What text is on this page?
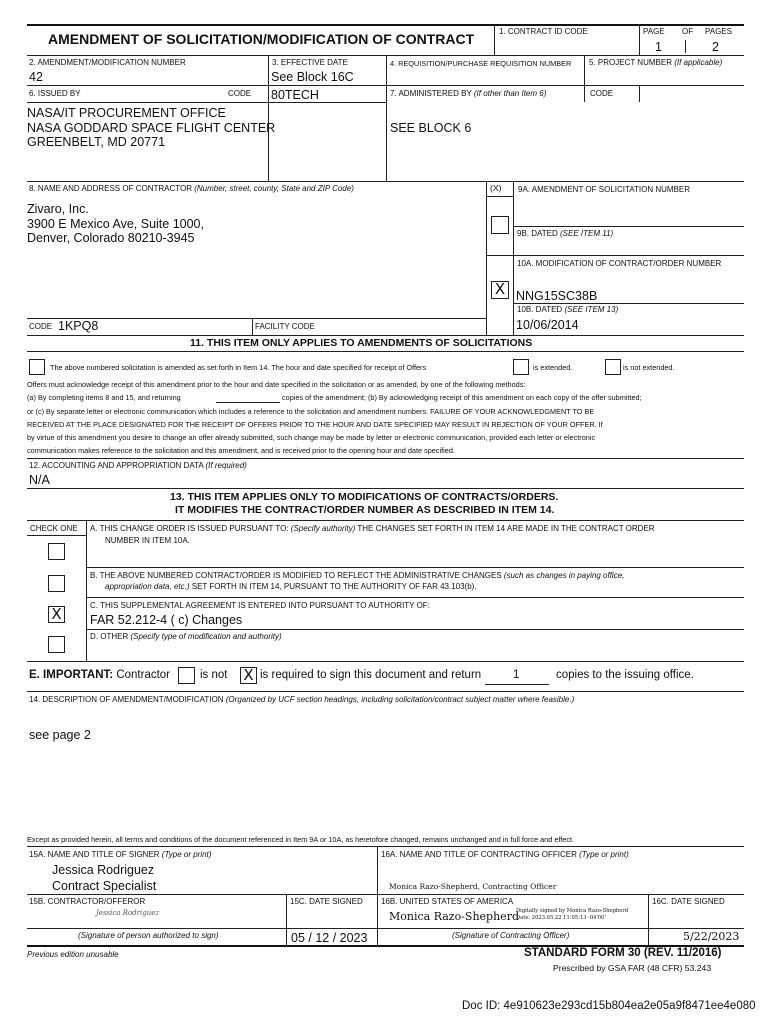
AMENDMENT OF SOLICITATION/MODIFICATION OF CONTRACT	1. CONTRACT ID CODE	PAGE OF PAGES
1	2
2. AMENDMENT/MODIFICATION NUMBER
42
3. EFFECTIVE DATE
See Block 16C
4. REQUISITION/PURCHASE REQUISITION NUMBER 5. PROJECT NUMBER (If applicable)
6. ISSUED BY	CODE 80TECH	7. ADMINISTERED BY (If other than Item 6)	CODE
NASA/IT PROCUREMENT OFFICE
NASA GODDARD SPACE FLIGHT CENTER
GREENBELT, MD 20771
SEE BLOCK 6
8. NAME AND ADDRESS OF CONTRACTOR (Number, street, county, State and ZIP Code)	(X) 9A. AMENDMENT OF SOLICITATION NUMBER
Zivaro, Inc.
3900 E Mexico Ave, Suite 1000,
Denver, Colorado 80210-3945	9B. DATED (SEE ITEM 11)
10A. MODIFICATION OF CONTRACT/ORDER NUMBER
X NNG15SC38B
10B. DATED (SEE ITEM 13)
10/06/2014
CODE 1KPQ8	FACILITY CODE
11. THIS ITEM ONLY APPLIES TO AMENDMENTS OF SOLICITATIONS
The above numbered solicitation is amended as set forth in Item 14. The hour and date specified for receipt of Offers	is extended.	is not extended.
Offers must acknowledge receipt of this amendment prior to the hour and date specified in the solicitation or as amended, by one of the following methods:
(a) By completing items 8 and 15, and returning	copies of the amendment; (b) By acknowledging receipt of this amendment on each copy of the offer submitted;
or (c) By separate letter or electronic communication which includes a reference to the solicitation and amendment numbers. FAILURE OF YOUR ACKNOWLEDGMENT TO BE
RECEIVED AT THE PLACE DESIGNATED FOR THE RECEIPT OF OFFERS PRIOR TO THE HOUR AND DATE SPECIFIED MAY RESULT IN REJECTION OF YOUR OFFER. If
by virtue of this amendment you desire to change an offer already submitted, such change may be made by letter or electronic communication, provided each letter or electronic
communication makes reference to the solicitation and this amendment, and is received prior to the opening hour and date specified.
12. ACCOUNTING AND APPROPRIATION DATA (If required)
N/A
13. THIS ITEM APPLIES ONLY TO MODIFICATIONS OF CONTRACTS/ORDERS.
IT MODIFIES THE CONTRACT/ORDER NUMBER AS DESCRIBED IN ITEM 14.
CHECK ONE A. THIS CHANGE ORDER IS ISSUED PURSUANT TO: (Specify authority) THE CHANGES SET FORTH IN ITEM 14 ARE MADE IN THE CONTRACT ORDER
NUMBER IN ITEM 10A.
B. THE ABOVE NUMBERED CONTRACT/ORDER IS MODIFIED TO REFLECT THE ADMINISTRATIVE CHANGES (such as changes in paying office,
appropriation data, etc.) SET FORTH IN ITEM 14, PURSUANT TO THE AUTHORITY OF FAR 43.103(b).
C. THIS SUPPLEMENTAL AGREEMENT IS ENTERED INTO PURSUANT TO AUTHORITY OF:
X FAR 52.212-4 ( c) Changes
D. OTHER (Specify type of modification and authority)
E. IMPORTANT: Contractor	is not X is required to sign this document and return	1	copies to the issuing office.
14. DESCRIPTION OF AMENDMENT/MODIFICATION (Organized by UCF section headings, including solicitation/contract subject matter where feasible.)
see page 2
Except as provided herein, all terms and conditions of the document referenced in Item 9A or 10A, as heretofore changed, remains unchanged and in full force and effect.
15A. NAME AND TITLE OF SIGNER (Type or print)	16A. NAME AND TITLE OF CONTRACTING OFFICER (Type or print)
Jessica Rodriguez
Contract Specialist	Monica Razo-Shepherd, Contracting Officer
15B. CONTRACTOR/OFFEROR	15C. DATE SIGNED 16B. UNITED STATES OF AMERICA	16C. DATE SIGNED
Jessica Rodriguez	Monica Razo-Shepherd
Digitally signed by Monica Razo-Shepherd
Date: 2023.05.22 11:05:13 -04'00'
(Signature of person authorized to sign)	05 / 12 / 2023	(Signature of Contracting Officer)	5/22/2023
Previous edition unusable	STANDARD FORM 30 (REV. 11/2016)
Prescribed by GSA FAR (48 CFR) 53.243
Doc ID: 4e910623e293cd15b804ea2e05a9f8471ee4e080
